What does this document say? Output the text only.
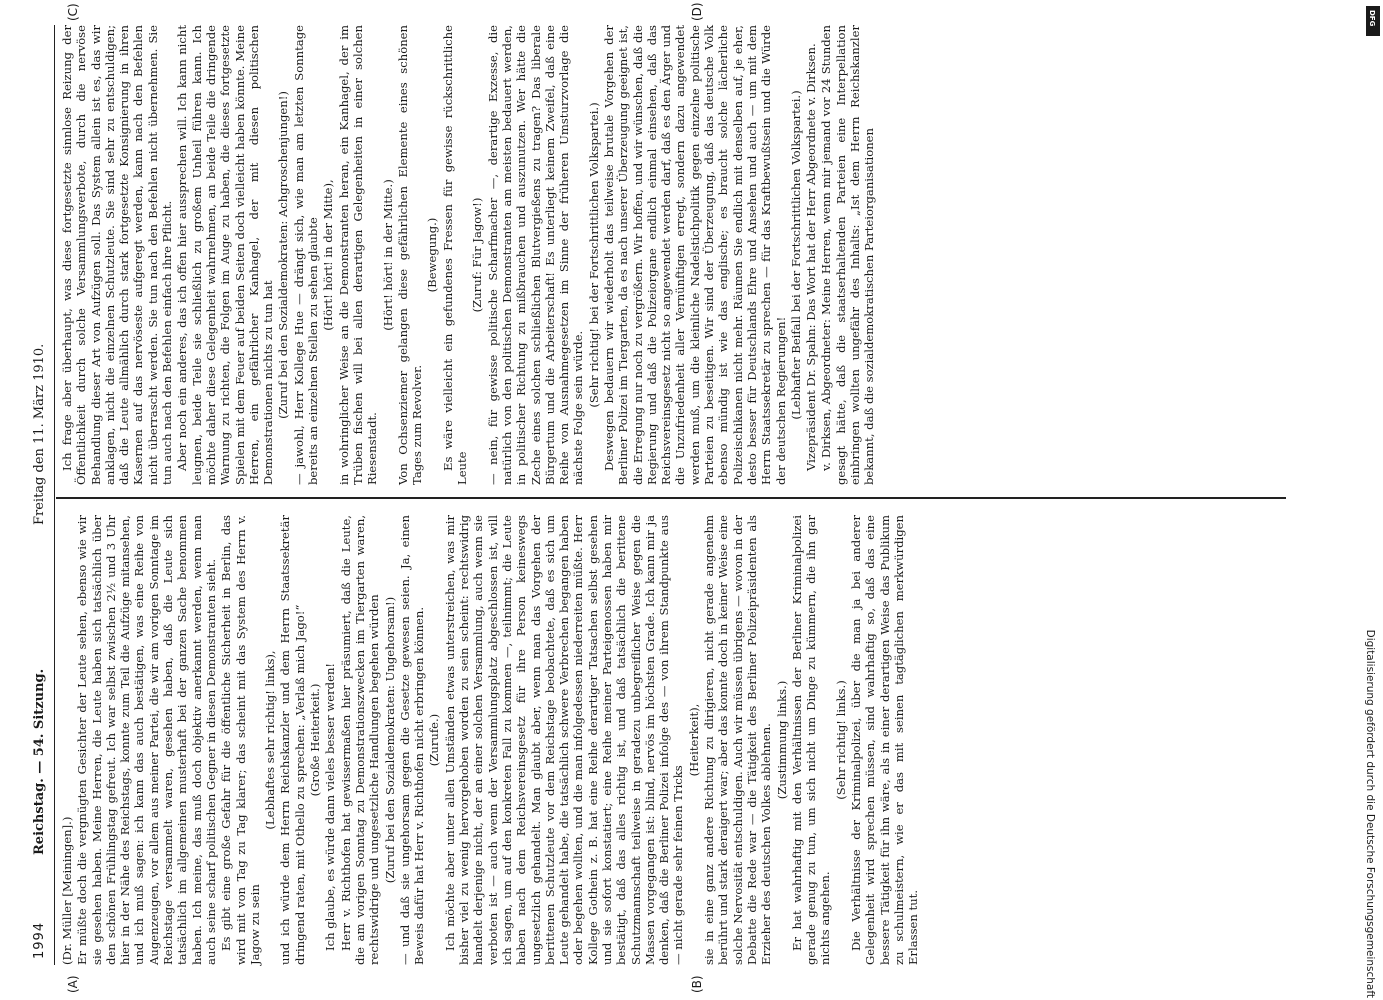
1994
Reichstag. — 54. Sitzung.
Freitag den 11. März 1910.

(Dr. Müller [Meiningen].) Er müßte doch die vergnügten Gesichter der Leute sehen, ebenso wie wir sie gesehen haben. Meine Herren, die Leute haben sich tatsächlich über den schönen Frühlingstag gefreut. Ich war selbst zwischen 2½ und 3 Uhr hier in der Nähe des Reichstags, konnte zum Teil die Aufzüge mitansehen, und ich muß sagen: ich kann das auch bestätigen, was eine Reihe von Augenzeugen, vor allem aus meiner Partei, die wir am vorigen Sonntage im Reichstage versammelt waren, gesehen haben, daß die Leute sich tatsächlich im allgemeinen musterhaft bei der ganzen Sache benommen haben. Ich meine, das muß doch objektiv anerkannt werden, wenn man auch seine scharf politischen Gegner in diesen Demonstranten sieht. Es gibt eine große Gefahr für die öffentliche Sicherheit in Berlin, das wird mit von Tag zu Tag klarer; das scheint mit das System des Herrn v. Jagow zu sein

(Lebhaftes sehr richtig! links), und ich würde dem Herrn Reichskanzler und dem Herrn Staatssekretär dringend raten, mit Othello zu sprechen: „Verlaß mich Jago!“ (Große Heiterkeit.) Ich glaube, es würde dann vieles besser werden! Herr v. Richthofen hat gewissermaßen hier präsumiert, daß die Leute, die am vorigen Sonntag zu Demonstrationszwecken im Tiergarten waren, rechtswidrige und ungesetzliche Handlungen begehen würden (Zuruf bei den Sozialdemokraten: Ungehorsam!) — und daß sie ungehorsam gegen die Gesetze gewesen seien. Ja, einen Beweis dafür hat Herr v. Richthofen nicht erbringen können. (Zurufe.) Ich möchte aber unter allen Umständen etwas unterstreichen, was mir bisher viel zu wenig hervorgehoben worden zu sein scheint: rechtswidrig handelt derjenige nicht, der an einer solchen Versammlung, auch wenn sie verboten ist — auch wenn der Versammlungsplatz abgeschlossen ist, will ich sagen, um auf den konkreten Fall zu kommen —, teilnimmt; die Leute haben nach dem Reichsvereinsgesetz für ihre Person keineswegs ungesetzlich gehandelt. Man glaubt aber, wenn man das Vorgehen der berittenen Schutzleute vor dem Reichstage beobachtete, daß es sich um Leute gehandelt habe, die tatsächlich schwere Verbrechen begangen haben oder begehen wollten, und die man infolgedessen niederreiten müßte. Herr Kollege Gothein z. B. hat eine Reihe derartiger Tatsachen selbst gesehen und sie sofort konstatiert; eine Reihe meiner Parteigenossen haben mir bestätigt, daß das alles richtig ist, und daß tatsächlich die berittene Schutzmannschaft teilweise in geradezu unbegreiflicher Weise gegen die Massen vorgegangen ist: blind, nervös im höchsten Grade. Ich kann mir ja denken, daß die Berliner Polizei infolge des — von ihrem Standpunkte aus — nicht gerade sehr feinen Tricks

(Heiterkeit), sie in eine ganz andere Richtung zu dirigieren, nicht gerade angenehm berührt und stark deraigert war; aber das konnte doch in keiner Weise eine solche Nervosität entschuldigen. Auch wir müssen übrigens — wovon in der Debatte die Rede war — die Tätigkeit des Berliner Polizeipräsidenten als Erzieher des deutschen Volkes ablehnen. (Zustimmung links.) Er hat wahrhaftig mit den Verhältnissen der Berliner Kriminalpolizei gerade genug zu tun, um sich nicht um Dinge zu kümmern, die ihn gar nichts angehen.

(Sehr richtig! links.) Die Verhältnisse der Kriminalpolizei, über die man ja bei anderer Gelegenheit wird sprechen müssen, sind wahrhaftig so, daß das eine bessere Tätigkeit für ihn wäre, als in einer derartigen Weise das Publikum zu schulmeistern, wie er das mit seinen tagtäglichen merkwürdigen Erlassen tut.

Ich frage aber überhaupt, was diese fortgesetzte sinnlose Reizung der Öffentlichkeit durch solche Versammlungsverbote, durch die nervöse Behandlung dieser Art von Aufzügen soll. Das System allein ist es, das wir anklagen, nicht die einzelnen Schutzleute. Sie sind sehr zu entschuldigen; daß die Leute allmählich durch stark fortgesetzte Konsignierung in ihren Kasernen auf das nervöseste aufgeregt werden, kann nach den Befehlen nicht überrascht werden. Sie tun nach den Befehlen nicht übernehmen. Sie tun auch nach den Befehlen einfach ihre Pflicht. Aber noch ein anderes, das ich offen hier aussprechen will. Ich kann nicht leugnen, beide Teile sie schließlich zu großem Unheil führen kann. Ich möchte daher diese Gelegenheit wahrnehmen, an beide Teile die dringende Warnung zu richten, die Folgen im Auge zu haben, die dieses fortgesetzte Spielen mit dem Feuer auf beiden Seiten doch vielleicht haben könnte. Meine Herren, ein gefährlicher Kanhagel, der mit diesen politischen Demonstrationen nichts zu tun hat (Zuruf bei den Sozialdemokraten: Achgroschenjungen!) — jawohl, Herr Kollege Hue — drängt sich, wie man am letzten Sonntage bereits an einzelnen Stellen zu sehen glaubte (Hört! hört! in der Mitte), in wohringlicher Weise an die Demonstranten heran, ein Kanhagel, der im Trüben fischen will bei allen derartigen Gelegenheiten in einer solchen Riesenstadt.

(Hört! hört! in der Mitte.) Von Ochsenziemer gelangen diese gefährlichen Elemente eines schönen Tages zum Revolver.

(Bewegung.) Es wäre vielleicht ein gefundenes Fressen für gewisse rückschrittliche Leute

(Zuruf: Für Jagow!) — nein, für gewisse politische Scharfmacher —, derartige Exzesse, die natürlich von den politischen Demonstranten am meisten bedauert werden, in politischer Richtung zu mißbrauchen und auszunutzen. Wer hätte die Zeche eines solchen schließlichen Blutvergießens zu tragen? Das liberale Bürgertum und die Arbeiterschaft! Es unterliegt keinem Zweifel, daß eine Reihe von Ausnahmegesetzen im Sinne der früheren Umsturzvorlage die nächste Folge sein würde.

(Sehr richtig! bei der Fortschrittlichen Volkspartei.) Deswegen bedauern wir wiederholt das teilweise brutale Vorgehen der Berliner Polizei im Tiergarten, da es nach unserer Überzeugung geeignet ist, die Erregung nur noch zu vergrößern. Wir hoffen, und wir wünschen, daß die Regierung und daß die Polizeiorgane endlich einmal einsehen, daß das Reichsvereinsgesetz nicht so angewendet werden darf, daß es den Ärger und die Unzufriedenheit aller Vernünftigen erregt, sondern dazu angewendet werden muß, um die kleinliche Nadelstichpolitik gegen einzelne politische Parteien zu beseitigen. Wir sind der Überzeugung, daß das deutsche Volk ebenso mündig ist wie das englische; es braucht solche lächerliche Polizeischikanen nicht mehr. Räumen Sie endlich mit denselben auf, je eher, desto besser für Deutschlands Ehre und Ansehen und auch — um mit dem Herrn Staatssekretär zu sprechen — für das Kraftbewußtsein und die Würde der deutschen Regierungen! (Lebhafter Beifall bei der Fortschrittlichen Volkspartei.) Vizepräsident Dr. Spahn: Das Wort hat der Herr Abgeordnete v. Dirksen. v. Dirksen, Abgeordneter: Meine Herren, wenn mir jemand vor 24 Stunden gesagt hätte, daß die staatserhaltenden Parteien eine Interpellation einbringen wollten ungefähr des Inhalts: „Ist dem Herrn Reichskanzler bekannt, daß die sozialdemokratischen Parteiorganisationen

(A)	(B)
(C)	(D)
Digitalisierung gefördert durch die Deutsche Forschungsgemeinschaft
DFG
